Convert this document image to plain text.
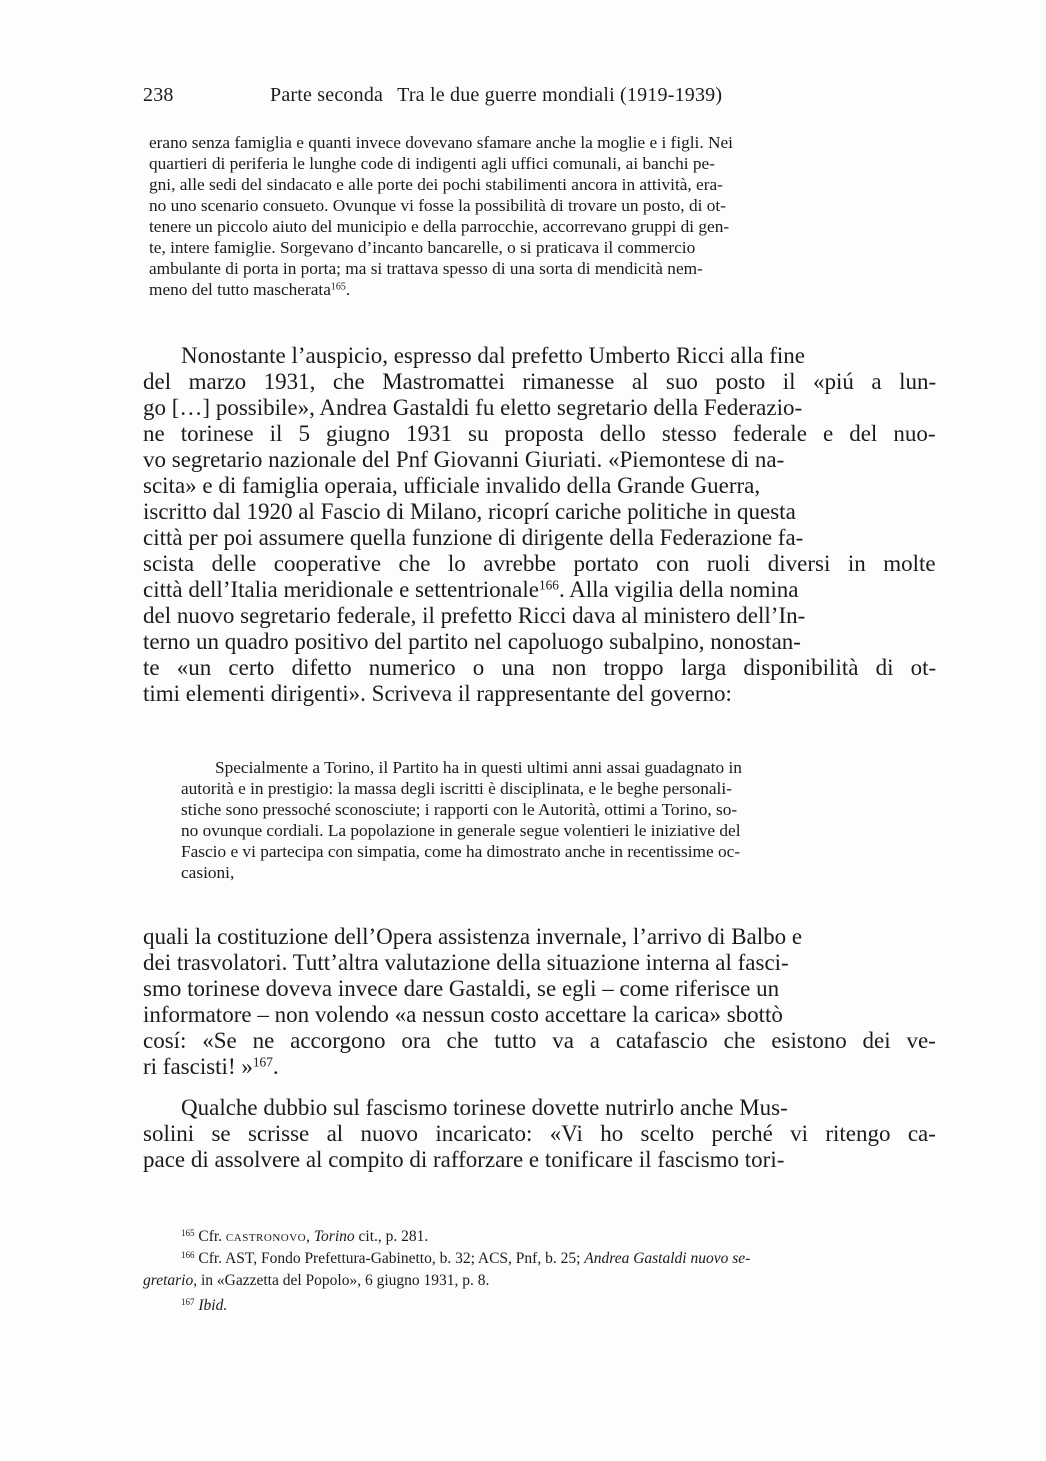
238	Parte seconda Tra le due guerre mondiali (1919-1939)
erano senza famiglia e quanti invece dovevano sfamare anche la moglie e i figli. Nei
quartieri di periferia le lunghe code di indigenti agli uffici comunali, ai banchi pe-
gni, alle sedi del sindacato e alle porte dei pochi stabilimenti ancora in attività, era-
no uno scenario consueto. Ovunque vi fosse la possibilità di trovare un posto, di ot-
tenere un piccolo aiuto del municipio e della parrocchie, accorrevano gruppi di gen-
te, intere famiglie. Sorgevano d’incanto bancarelle, o si praticava il commercio
ambulante di porta in porta; ma si trattava spesso di una sorta di mendicità nem-
meno del tutto mascherata$^{165}$.
Nonostante l’auspicio, espresso dal prefetto Umberto Ricci alla fine
del marzo 1931, che Mastromattei rimanesse al suo posto il «piú a lun-
go […] possibile», Andrea Gastaldi fu eletto segretario della Federazio-
ne torinese il 5 giugno 1931 su proposta dello stesso federale e del nuo-
vo segretario nazionale del Pnf Giovanni Giuriati. «Piemontese di na-
scita» e di famiglia operaia, ufficiale invalido della Grande Guerra,
iscritto dal 1920 al Fascio di Milano, ricoprí cariche politiche in questa
città per poi assumere quella funzione di dirigente della Federazione fa-
scista delle cooperative che lo avrebbe portato con ruoli diversi in molte
città dell’Italia meridionale e settentrionale$^{166}$. Alla vigilia della nomina
del nuovo segretario federale, il prefetto Ricci dava al ministero dell’In-
terno un quadro positivo del partito nel capoluogo subalpino, nonostan-
te «un certo difetto numerico o una non troppo larga disponibilità di ot-
timi elementi dirigenti». Scriveva il rappresentante del governo:
Specialmente a Torino, il Partito ha in questi ultimi anni assai guadagnato in
autorità e in prestigio: la massa degli iscritti è disciplinata, e le beghe personali-
stiche sono pressoché sconosciute; i rapporti con le Autorità, ottimi a Torino, so-
no ovunque cordiali. La popolazione in generale segue volentieri le iniziative del
Fascio e vi partecipa con simpatia, come ha dimostrato anche in recentissime oc-
casioni,
quali la costituzione dell’Opera assistenza invernale, l’arrivo di Balbo e
dei trasvolatori. Tutt’altra valutazione della situazione interna al fasci-
smo torinese doveva invece dare Gastaldi, se egli – come riferisce un
informatore – non volendo «a nessun costo accettare la carica» sbottò
cosí: «Se ne accorgono ora che tutto va a catafascio che esistono dei ve-
ri fascisti! »$^{167}$.
Qualche dubbio sul fascismo torinese dovette nutrirlo anche Mus-
solini se scrisse al nuovo incaricato: «Vi ho scelto perché vi ritengo ca-
pace di assolvere al compito di rafforzare e tonificare il fascismo tori-
$^{165}$ Cfr. castronovo, Torino cit., p. 281.
$^{166}$ Cfr. AST, Fondo Prefettura-Gabinetto, b. 32; ACS, Pnf, b. 25; Andrea Gastaldi nuovo se-
gretario, in «Gazzetta del Popolo», 6 giugno 1931, p. 8.
$^{167}$ Ibid.
